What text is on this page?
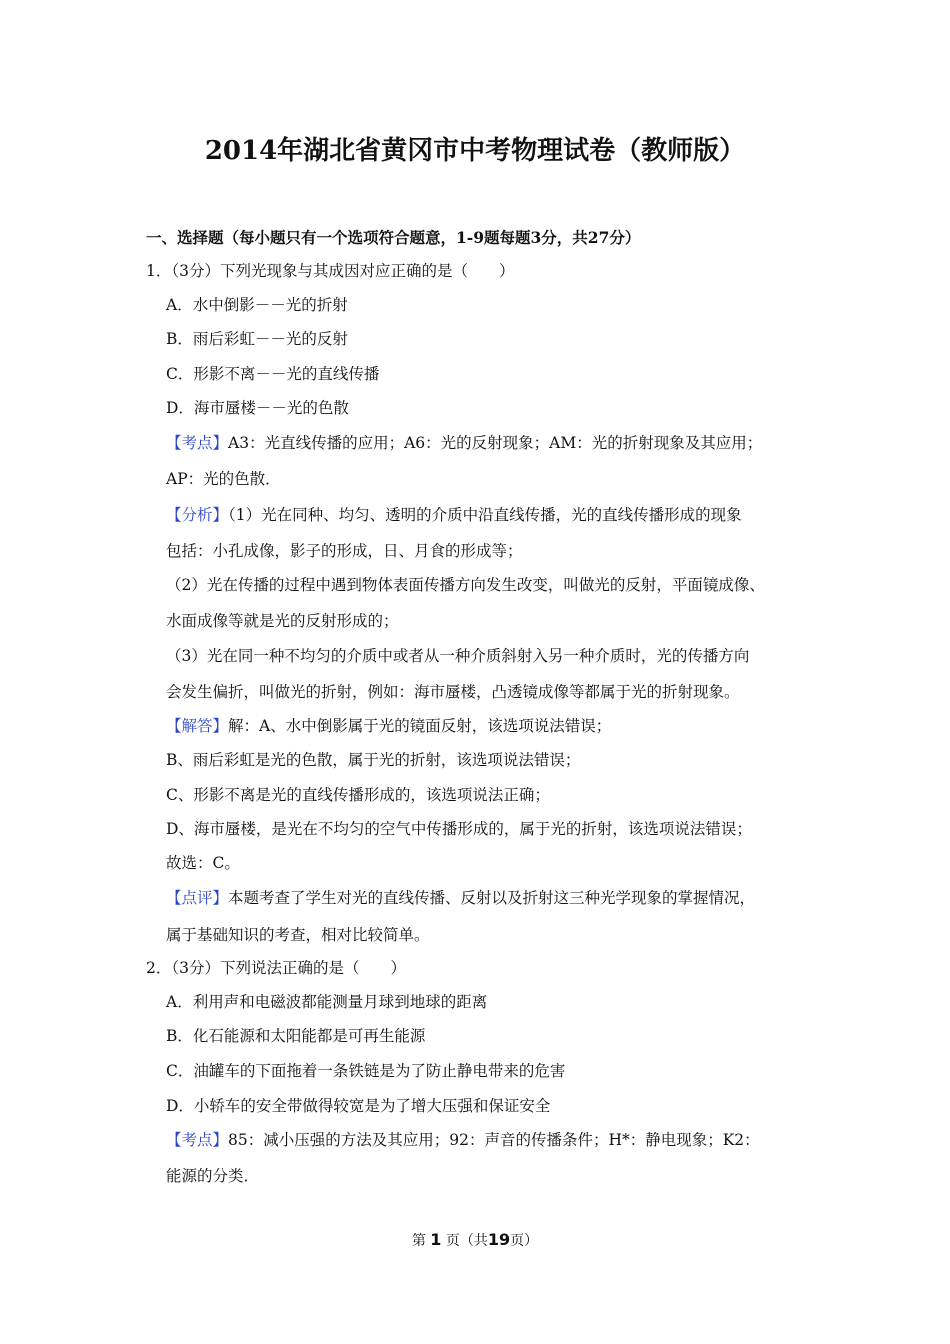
2014年湖北省黄冈市中考物理试卷（教师版）
一、选择题（每小题只有一个选项符合题意，1-9题每题3分，共27分）
1．（3分）下列光现象与其成因对应正确的是（　　）
A．水中倒影－－光的折射
B．雨后彩虹－－光的反射
C．形影不离－－光的直线传播
D．海市蜃楼－－光的色散
【考点】A3：光直线传播的应用；A6：光的反射现象；AM：光的折射现象及其应用；
AP：光的色散．
【分析】（1）光在同种、均匀、透明的介质中沿直线传播，光的直线传播形成的现象
包括：小孔成像，影子的形成，日、月食的形成等；
（2）光在传播的过程中遇到物体表面传播方向发生改变，叫做光的反射，平面镜成像、
水面成像等就是光的反射形成的；
（3）光在同一种不均匀的介质中或者从一种介质斜射入另一种介质时，光的传播方向
会发生偏折，叫做光的折射，例如：海市蜃楼，凸透镜成像等都属于光的折射现象。
【解答】解：A、水中倒影属于光的镜面反射，该选项说法错误；
B、雨后彩虹是光的色散，属于光的折射，该选项说法错误；
C、形影不离是光的直线传播形成的，该选项说法正确；
D、海市蜃楼，是光在不均匀的空气中传播形成的，属于光的折射，该选项说法错误；
故选：C。
【点评】本题考查了学生对光的直线传播、反射以及折射这三种光学现象的掌握情况，
属于基础知识的考查，相对比较简单。
2．（3分）下列说法正确的是（　　）
A．利用声和电磁波都能测量月球到地球的距离
B．化石能源和太阳能都是可再生能源
C．油罐车的下面拖着一条铁链是为了防止静电带来的危害
D．小轿车的安全带做得较宽是为了增大压强和保证安全
【考点】85：减小压强的方法及其应用；92：声音的传播条件；H*：静电现象；K2：
能源的分类．
第 1 页（共19页）
